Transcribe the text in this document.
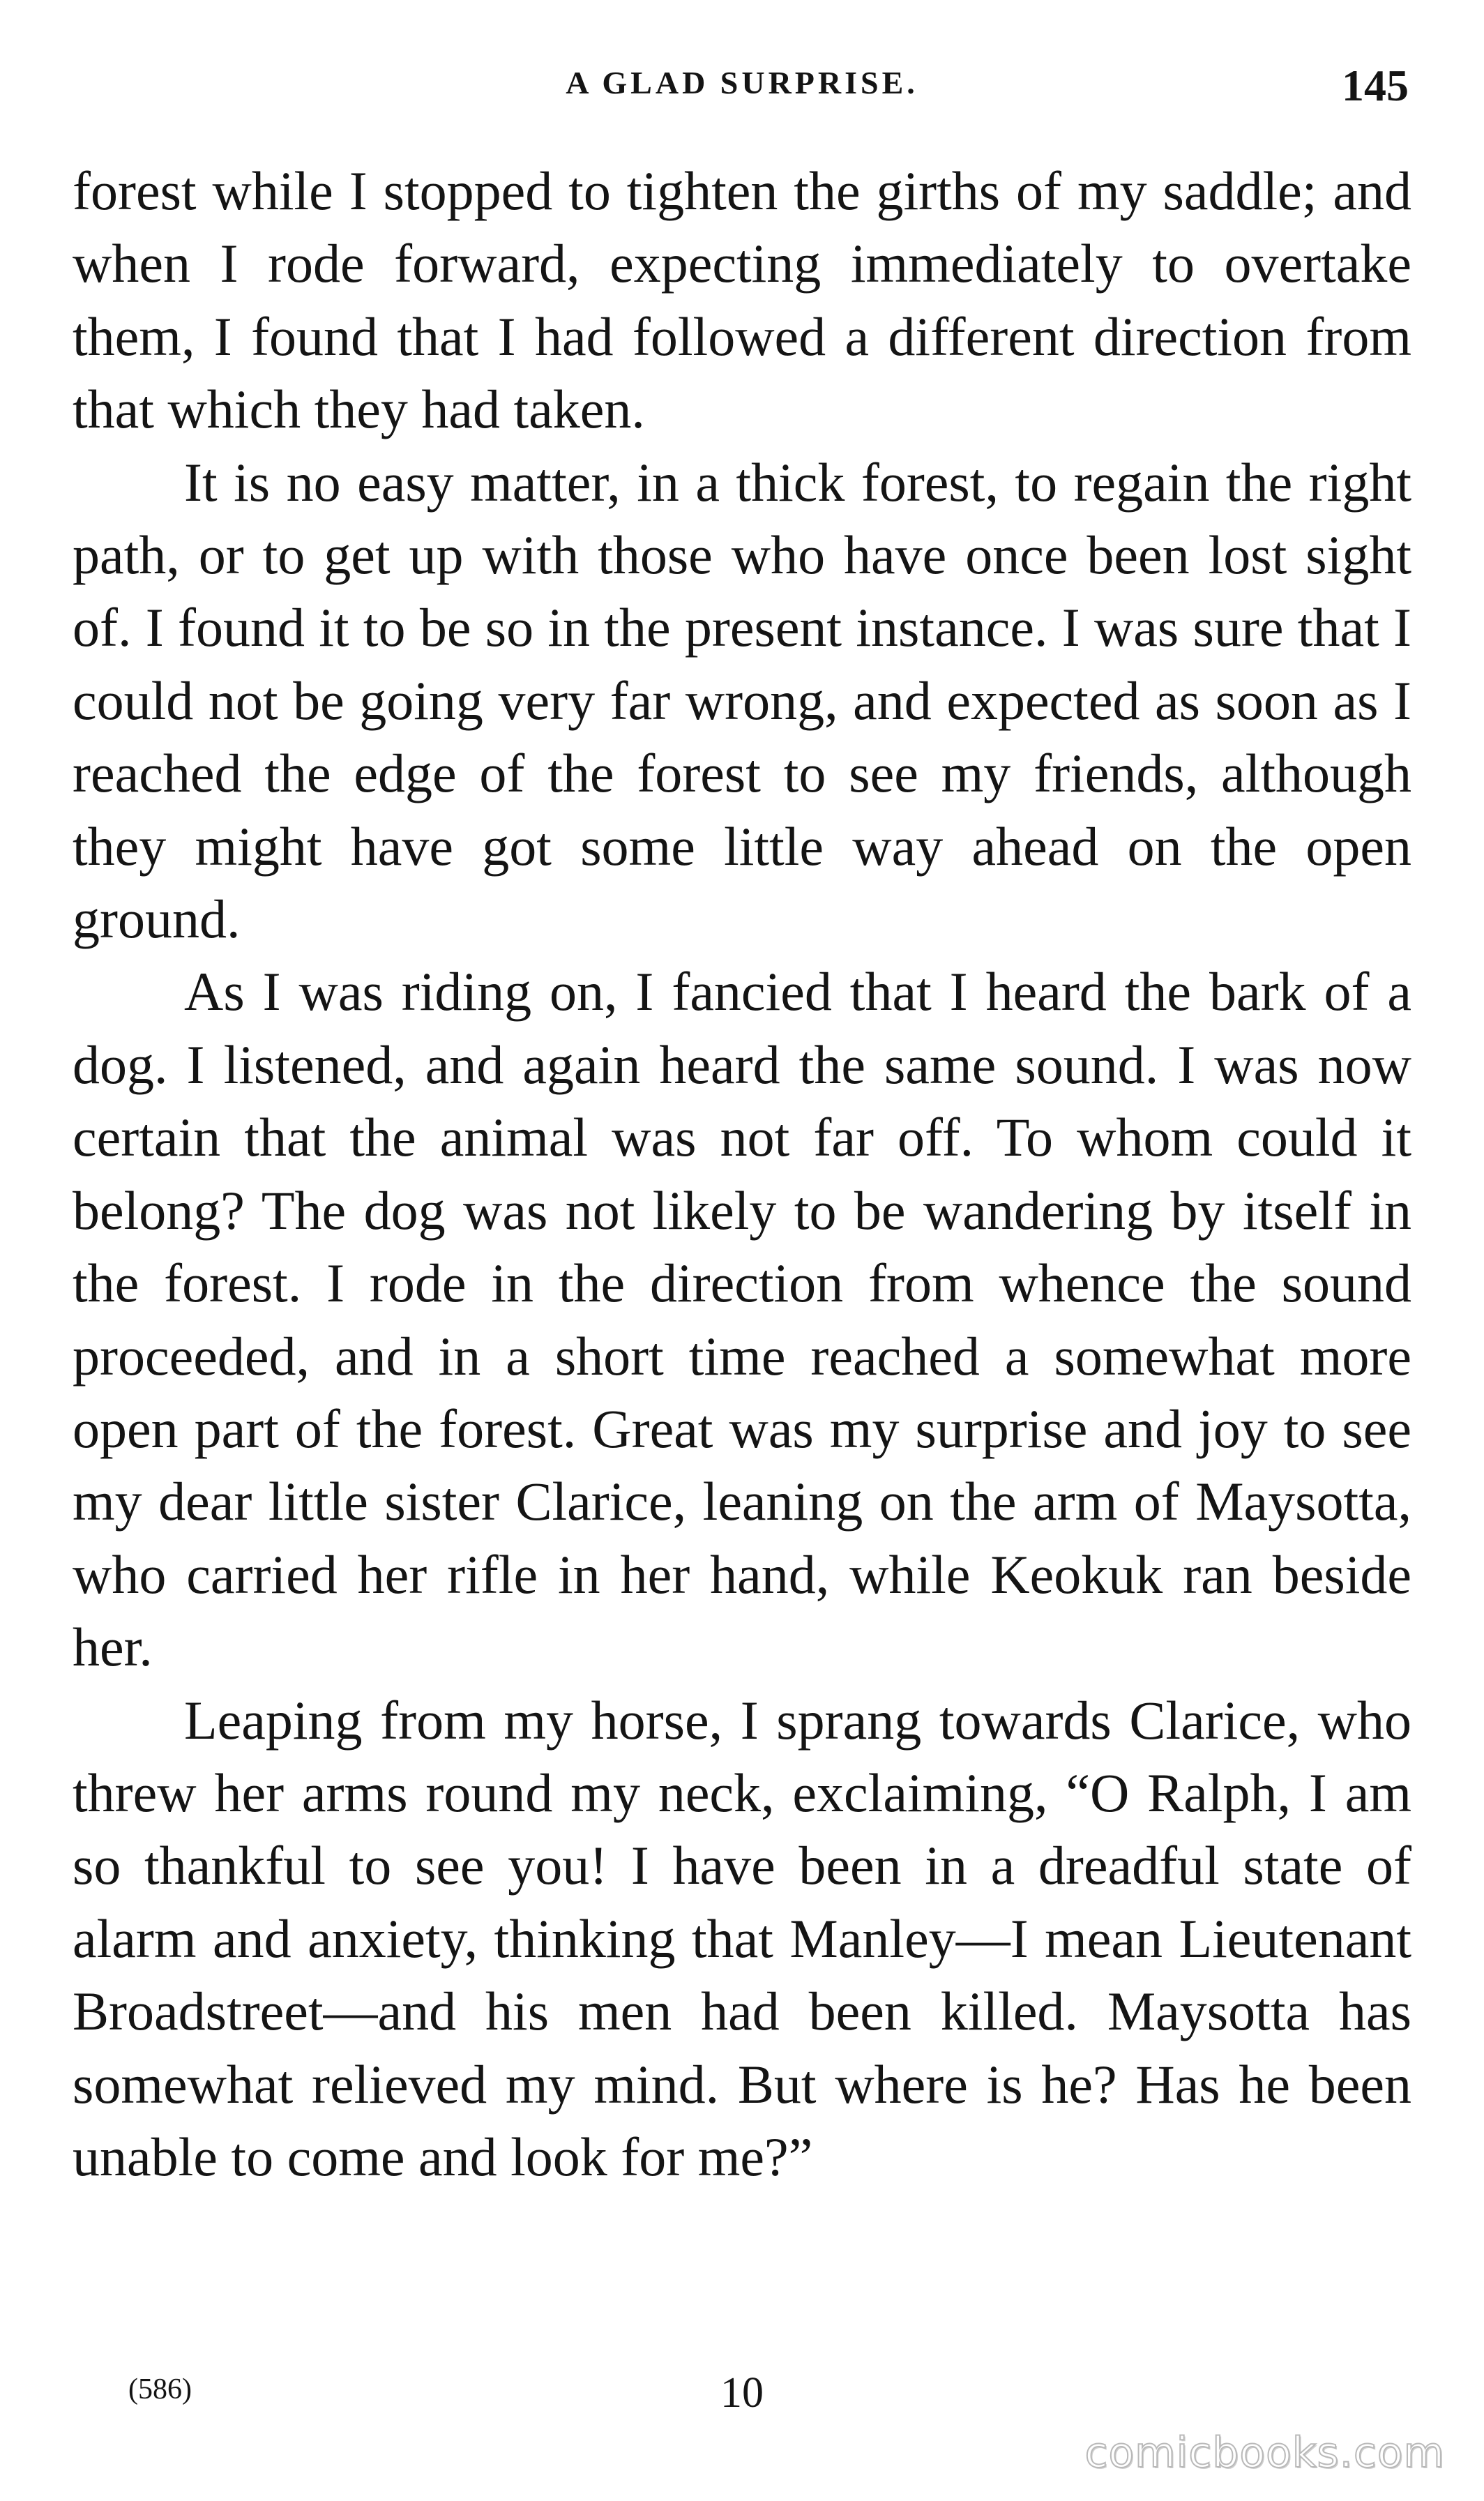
A GLAD SURPRISE.	145

forest while I stopped to tighten the girths of my saddle; and when I rode forward, expecting immediately to overtake them, I found that I had followed a different direction from that which they had taken.

It is no easy matter, in a thick forest, to regain the right path, or to get up with those who have once been lost sight of. I found it to be so in the present instance. I was sure that I could not be going very far wrong, and expected as soon as I reached the edge of the forest to see my friends, although they might have got some little way ahead on the open ground.

As I was riding on, I fancied that I heard the bark of a dog. I listened, and again heard the same sound. I was now certain that the animal was not far off. To whom could it belong? The dog was not likely to be wandering by itself in the forest. I rode in the direction from whence the sound proceeded, and in a short time reached a somewhat more open part of the forest. Great was my surprise and joy to see my dear little sister Clarice, leaning on the arm of Maysotta, who carried her rifle in her hand, while Keokuk ran beside her.

Leaping from my horse, I sprang towards Clarice, who threw her arms round my neck, exclaiming, “O Ralph, I am so thankful to see you! I have been in a dreadful state of alarm and anxiety, thinking that Manley—I mean Lieutenant Broadstreet—and his men had been killed. Maysotta has somewhat relieved my mind. But where is he? Has he been unable to come and look for me?”

(586)	10
comicbooks.com
